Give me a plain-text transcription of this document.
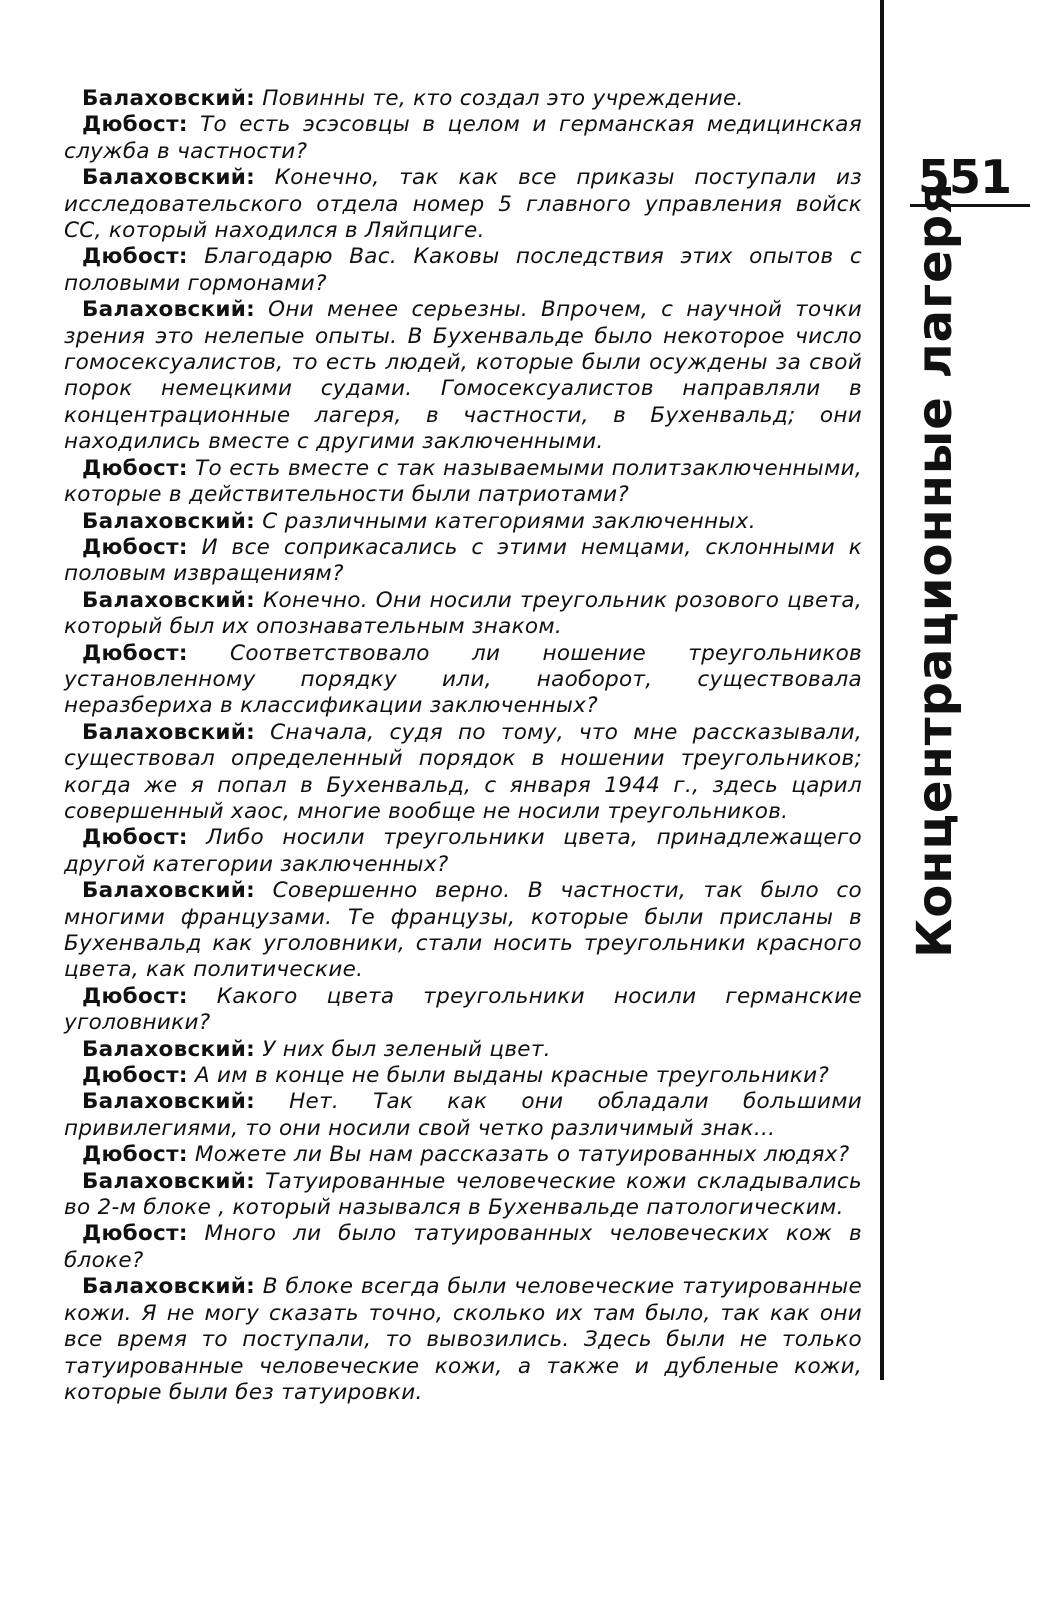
Балаховский: Повинны те, кто создал это учреждение.

Дюбост: То есть эсэсовцы в целом и германская медицинская служба в частности?

Балаховский: Конечно, так как все приказы поступали из исследовательского отдела номер 5 главного управления войск СС, который находился в Ляйпциге.

Дюбост: Благодарю Вас. Каковы последствия этих опытов с половыми гормонами?

Балаховский: Они менее серьезны. Впрочем, с научной точки зрения это нелепые опыты. В Бухенвальде было некоторое число гомосексуалистов, то есть людей, которые были осуждены за свой порок немецкими судами. Гомосексуалистов направляли в концентрационные лагеря, в частности, в Бухенвальд; они находились вместе с другими заключенными.

Дюбост: То есть вместе с так называемыми политзаключенными, которые в действительности были патриотами?

Балаховский: С различными категориями заключенных.

Дюбост: И все соприкасались с этими немцами, склонными к половым извращениям?

Балаховский: Конечно. Они носили треугольник розового цвета, который был их опознавательным знаком.

Дюбост: Соответствовало ли ношение треугольников установленному порядку или, наоборот, существовала неразбериха в классификации заключенных?

Балаховский: Сначала, судя по тому, что мне рассказывали, существовал определенный порядок в ношении треугольников; когда же я попал в Бухенвальд, с января 1944 г., здесь царил совершенный хаос, многие вообще не носили треугольников.

Дюбост: Либо носили треугольники цвета, принадлежащего другой категории заключенных?

Балаховский: Совершенно верно. В частности, так было со многими французами. Те французы, которые были присланы в Бухенвальд как уголовники, стали носить треугольники красного цвета, как политические.

Дюбост: Какого цвета треугольники носили германские уголовники?

Балаховский: У них был зеленый цвет.

Дюбост: А им в конце не были выданы красные треугольники?

Балаховский: Нет. Так как они обладали большими привилегиями, то они носили свой четко различимый знак...

Дюбост: Можете ли Вы нам рассказать о татуированных людях?

Балаховский: Татуированные человеческие кожи складывались во 2-м блоке , который назывался в Бухенвальде патологическим.

Дюбост: Много ли было татуированных человеческих кож в блоке?

Балаховский: В блоке всегда были человеческие татуированные кожи. Я не могу сказать точно, сколько их там было, так как они все время то поступали, то вывозились. Здесь были не только татуированные человеческие кожи, а также и дубленые кожи, которые были без татуировки.

551
Концентрационные лагеря
